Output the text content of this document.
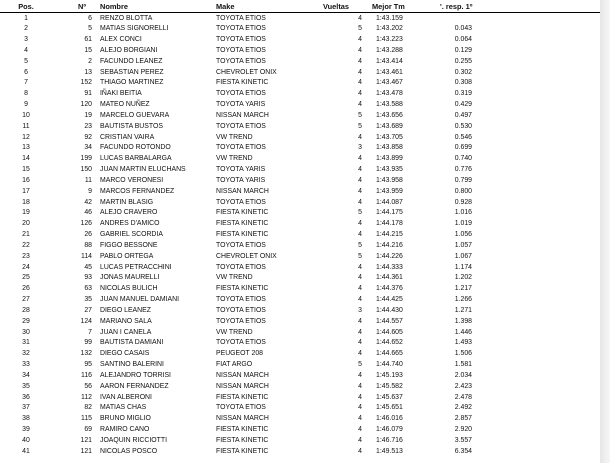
Pos.	Nº Nombre	Make	Vueltas	Mejor Tm	'. resp. 1º
1	6 RENZO BLOTTA	TOYOTA ETIOS	4 1:43.159
2	5 MATIAS SIGNORELLI	TOYOTA ETIOS	5 1:43.202	0.043
3	61 ALEX CONCI	TOYOTA ETIOS	4 1:43.223	0.064
4	15 ALEJO BORGIANI	TOYOTA ETIOS	4 1:43.288	0.129
5	2 FACUNDO LEANEZ	TOYOTA ETIOS	4 1:43.414	0.255
6	13 SEBASTIAN PEREZ	CHEVROLET ONIX	4 1:43.461	0.302
7	152 THIAGO MARTINEZ	FIESTA KINETIC	4 1:43.467	0.308
8	91 IÑAKI BEITIA	TOYOTA ETIOS	4 1:43.478	0.319
9	120 MATEO NUÑEZ	TOYOTA YARIS	4 1:43.588	0.429
10	19 MARCELO GUEVARA	NISSAN MARCH	5 1:43.656	0.497
11	23 BAUTISTA BUSTOS	TOYOTA ETIOS	5 1:43.689	0.530
12	92 CRISTIAN VAIRA	VW TREND	4 1:43.705	0.546
13	34 FACUNDO ROTONDO	TOYOTA ETIOS	3 1:43.858	0.699
14	199 LUCAS BARBALARGA	VW TREND	4 1:43.899	0.740
15	150 JUAN MARTIN ELUCHANS	TOYOTA YARIS	4 1:43.935	0.776
16	11 MARCO VERONESI	TOYOTA YARIS	4 1:43.958	0.799
17	9 MARCOS FERNANDEZ	NISSAN MARCH	4 1:43.959	0.800
18	42 MARTIN BLASIG	TOYOTA ETIOS	4 1:44.087	0.928
19	46 ALEJO CRAVERO	FIESTA KINETIC	5 1:44.175	1.016
20	126 ANDRES D'AMICO	FIESTA KINETIC	4 1:44.178	1.019
21	26 GABRIEL SCORDIA	FIESTA KINETIC	4 1:44.215	1.056
22	88 FIGGO BESSONE	TOYOTA ETIOS	5 1:44.216	1.057
23	114 PABLO ORTEGA	CHEVROLET ONIX	5 1:44.226	1.067
24	45 LUCAS PETRACCHINI	TOYOTA ETIOS	4 1:44.333	1.174
25	93 JONAS MAURELLI	VW TREND	4 1:44.361	1.202
26	63 NICOLAS BULICH	FIESTA KINETIC	4 1:44.376	1.217
27	35 JUAN MANUEL DAMIANI	TOYOTA ETIOS	4 1:44.425	1.266
28	27 DIEGO LEANEZ	TOYOTA ETIOS	3 1:44.430	1.271
29	124 MARIANO SALA	TOYOTA ETIOS	4 1:44.557	1.398
30	7 JUAN I CANELA	VW TREND	4 1:44.605	1.446
31	99 BAUTISTA DAMIANI	TOYOTA ETIOS	4 1:44.652	1.493
32	132 DIEGO CASAIS	PEUGEOT 208	4 1:44.665	1.506
33	95 SANTINO BALERINI	FIAT ARGO	5 1:44.740	1.581
34	116 ALEJANDRO TORRISI	NISSAN MARCH	4 1:45.193	2.034
35	56 AARON FERNANDEZ	NISSAN MARCH	4 1:45.582	2.423
36	112 IVAN ALBERONI	FIESTA KINETIC	4 1:45.637	2.478
37	82 MATIAS CHAS	TOYOTA ETIOS	4 1:45.651	2.492
38	115 BRUNO MIGLIO	NISSAN MARCH	4 1:46.016	2.857
39	69 RAMIRO CANO	FIESTA KINETIC	4 1:46.079	2.920
40	121 JOAQUIN RICCIOTTI	FIESTA KINETIC	4 1:46.716	3.557
41	121 NICOLAS POSCO	FIESTA KINETIC	4 1:49.513	6.354
